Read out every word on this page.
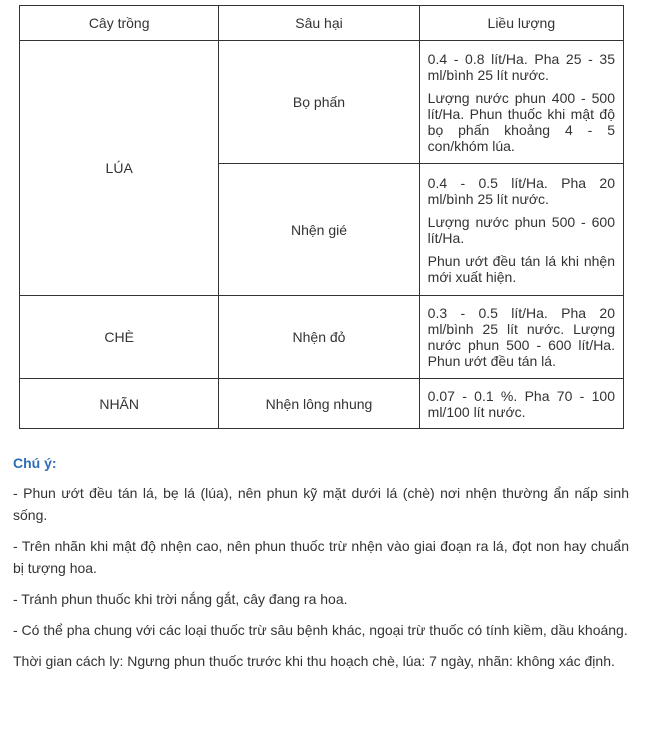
Cây trồng	Sâu hại	Liều lượng
LÚA	Bọ phấn	0.4 - 0.8 lít/Ha. Pha 25 - 35 ml/bình 25 lít nước.

Lượng nước phun 400 - 500 lít/Ha. Phun thuốc khi mật độ bọ phấn khoảng 4 - 5 con/khóm lúa.

	Nhện gié	0.4 - 0.5 lít/Ha. Pha 20 ml/bình 25 lít nước.

Lượng nước phun 500 - 600 lít/Ha.

Phun ướt đều tán lá khi nhện mới xuất hiện.

CHÈ	Nhện đỏ	0.3 - 0.5 lít/Ha. Pha 20 ml/bình 25 lít nước. Lượng nước phun 500 - 600 lít/Ha. Phun ướt đều tán lá.

NHÃN	Nhện lông nhung	0.07 - 0.1 %. Pha 70 - 100 ml/100 lít nước.

Chú ý:

- Phun ướt đều tán lá, bẹ lá (lúa), nên phun kỹ mặt dưới lá (chè) nơi nhện thường ẩn nấp sinh sống.

- Trên nhãn khi mật độ nhện cao, nên phun thuốc trừ nhện vào giai đoạn ra lá, đọt non hay chuẩn bị tượng hoa.

- Tránh phun thuốc khi trời nắng gắt, cây đang ra hoa.

- Có thể pha chung với các loại thuốc trừ sâu bệnh khác, ngoại trừ thuốc có tính kiềm, dầu khoáng.

Thời gian cách ly: Ngưng phun thuốc trước khi thu hoạch chè, lúa: 7 ngày, nhãn: không xác định.
